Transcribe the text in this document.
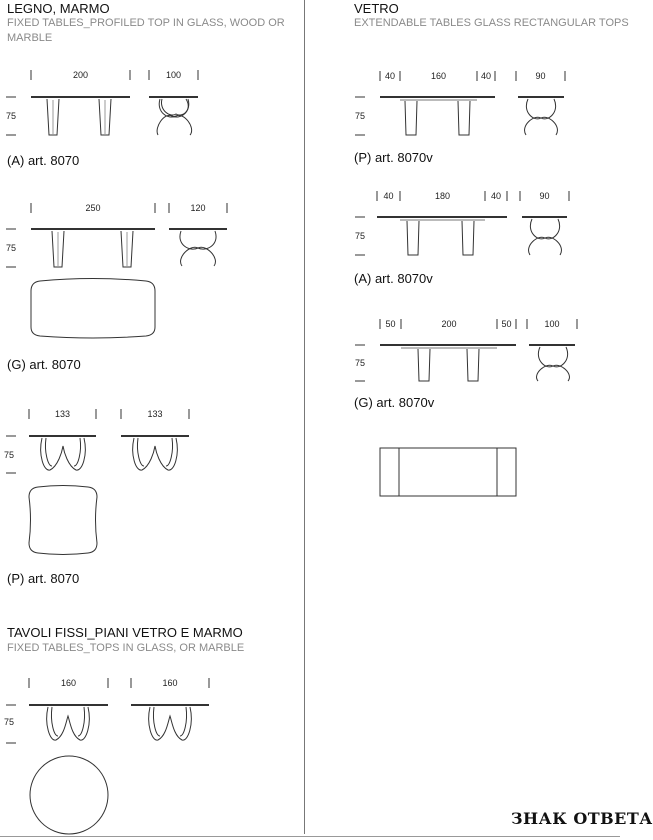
LEGNO, MARMO
FIXED TABLES_PROFILED TOP IN GLASS, WOOD OR MARBLE
200	100
75
(A) art. 8070
250	120
75
(G) art. 8070
133	133
75
(P) art. 8070
TAVOLI FISSI_PIANI VETRO E MARMO
FIXED TABLES_TOPS IN GLASS, OR MARBLE
160	160
75
VETRO
EXTENDABLE TABLES GLASS RECTANGULAR TOPS
40	160	40	90
75
(P) art. 8070v
40	180	40	90
75
(A) art. 8070v
50	200	50	100
75
(G) art. 8070v
ЗНАК ОТВЕТА
